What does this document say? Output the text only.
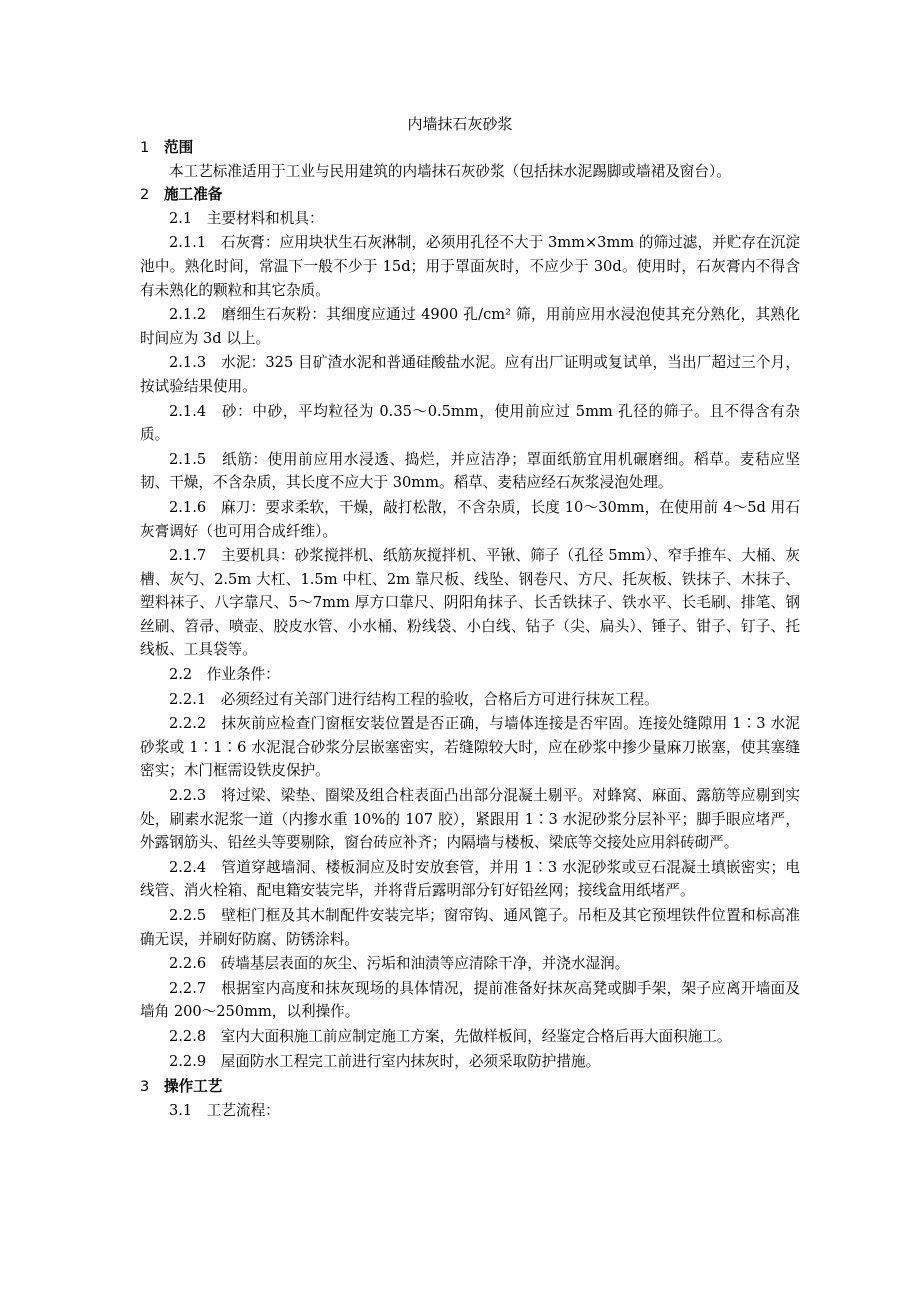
内墙抹石灰砂浆

1 范围

本工艺标准适用于工业与民用建筑的内墙抹石灰砂浆（包括抹水泥踢脚或墙裙及窗台）。

2 施工准备

2.1　主要材料和机具：

2.1.1　石灰膏：应用块状生石灰淋制，必须用孔径不大于 3mm×3mm 的筛过滤，并贮存在沉淀池中。熟化时间，常温下一般不少于 15d；用于罩面灰时，不应少于 30d。使用时，石灰膏内不得含有未熟化的颗粒和其它杂质。

2.1.2　磨细生石灰粉：其细度应通过 4900 孔/cm² 筛，用前应用水浸泡使其充分熟化，其熟化时间应为 3d 以上。

2.1.3　水泥：325 目矿渣水泥和普通硅酸盐水泥。应有出厂证明或复试单，当出厂超过三个月，按试验结果使用。

2.1.4　砂：中砂，平均粒径为 0.35～0.5mm，使用前应过 5mm 孔径的筛子。且不得含有杂质。

2.1.5　纸筋：使用前应用水浸透、捣烂，并应洁净；罩面纸筋宜用机碾磨细。稻草。麦秸应坚韧、干燥，不含杂质，其长度不应大于 30mm。稻草、麦秸应经石灰浆浸泡处理。

2.1.6　麻刀：要求柔软，干燥，敲打松散，不含杂质，长度 10～30mm，在使用前 4～5d 用石灰膏调好（也可用合成纤维）。

2.1.7　主要机具：砂浆搅拌机、纸筋灰搅拌机、平锹、筛子（孔径 5mm）、窄手推车、大桶、灰槽、灰勺、2.5m 大杠、1.5m 中杠、2m 靠尺板、线坠、钢卷尺、方尺、托灰板、铁抹子、木抹子、塑料袜子、八字靠尺、5～7mm 厚方口靠尺、阴阳角抹子、长舌铁抹子、铁水平、长毛刷、排笔、钢丝刷、笤帚、喷壶、胶皮水管、小水桶、粉线袋、小白线、钻子（尖、扁头）、锤子、钳子、钉子、托线板、工具袋等。

2.2　作业条件：

2.2.1　必须经过有关部门进行结构工程的验收，合格后方可进行抹灰工程。

2.2.2　抹灰前应检查门窗框安装位置是否正确，与墙体连接是否牢固。连接处缝隙用 1∶3 水泥砂浆或 1∶1∶6 水泥混合砂浆分层嵌塞密实，若缝隙较大时，应在砂浆中掺少量麻刀嵌塞，使其塞缝密实；木门框需设铁皮保护。

2.2.3　将过梁、梁垫、圈梁及组合柱表面凸出部分混凝土剔平。对蜂窝、麻面、露筋等应剔到实处，刷素水泥浆一道（内掺水重 10%的 107 胶），紧跟用 1∶3 水泥砂浆分层补平；脚手眼应堵严，外露钢筋头、铅丝头等要剔除，窗台砖应补齐；内隔墙与楼板、梁底等交接处应用斜砖砌严。

2.2.4　管道穿越墙洞、楼板洞应及时安放套管，并用 1∶3 水泥砂浆或豆石混凝土填嵌密实；电线管、消火栓箱、配电籍安装完毕，并将背后露明部分钉好铅丝网；接线盒用纸堵严。

2.2.5　壁柜门框及其木制配件安装完毕；窗帘钩、通风篦子。吊柜及其它预埋铁件位置和标高准确无误，并刷好防腐、防锈涂料。

2.2.6　砖墙基层表面的灰尘、污垢和油渍等应清除干净，并浇水湿润。

2.2.7　根据室内高度和抹灰现场的具体情况，提前准备好抹灰高凳或脚手架，架子应离开墙面及墙角 200～250mm，以利操作。

2.2.8　室内大面积施工前应制定施工方案，先做样板间，经鉴定合格后再大面积施工。

2.2.9　屋面防水工程完工前进行室内抹灰时，必须采取防护措施。

3 操作工艺

3.1　工艺流程：
